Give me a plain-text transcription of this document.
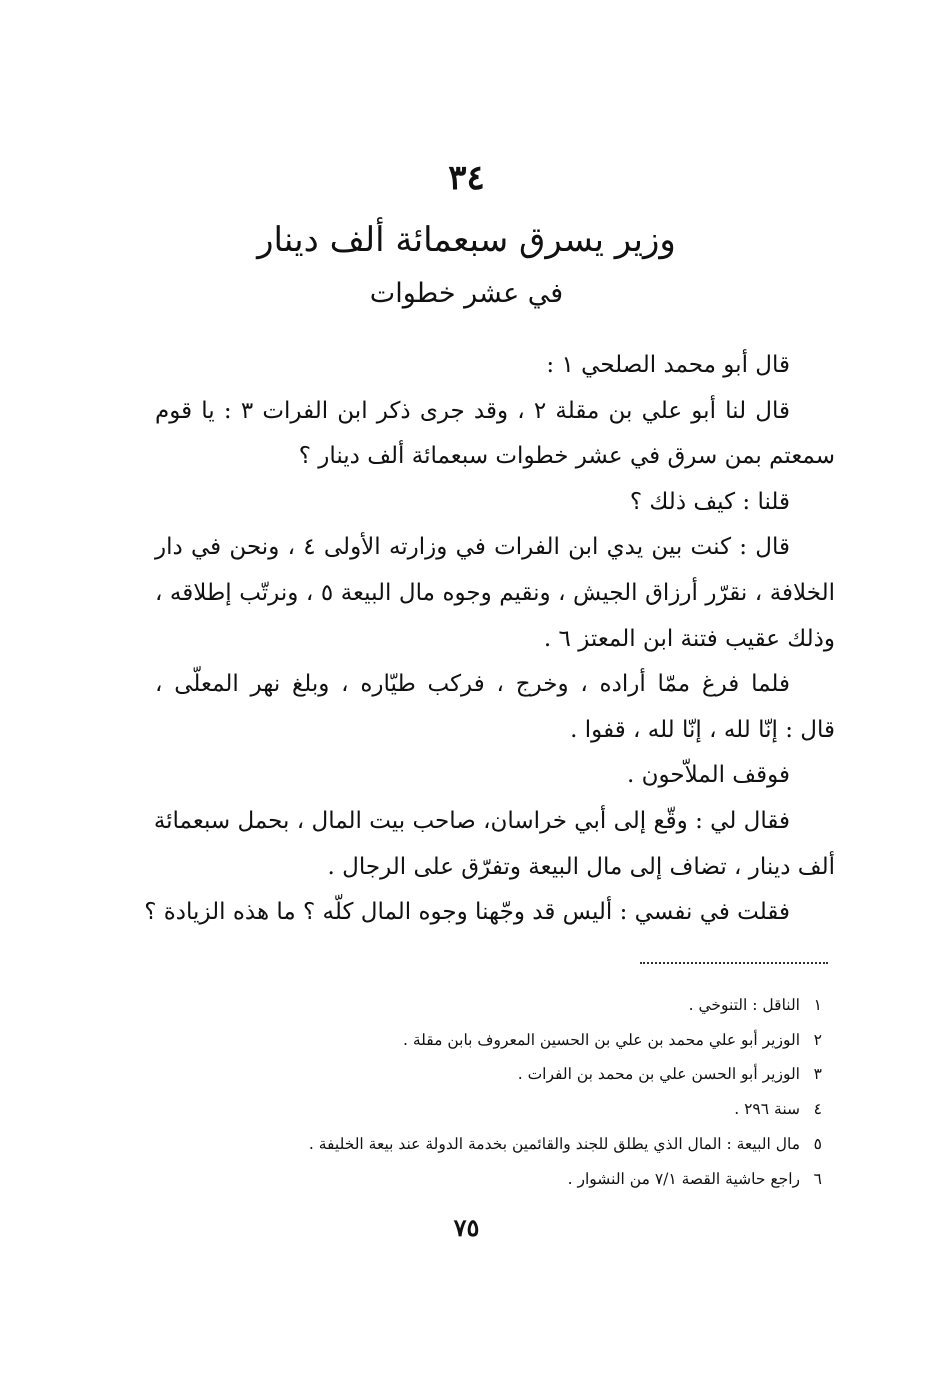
٣٤
وزير يسرق سبعمائة ألف دينار
في عشر خطوات
قال أبو محمد الصلحي ١ :
قال لنا أبو علي بن مقلة ٢ ، وقد جرى ذكر ابن الفرات ٣ : يا قوم
سمعتم بمن سرق في عشر خطوات سبعمائة ألف دينار ؟
قلنا : كيف ذلك ؟
قال : كنت بين يدي ابن الفرات في وزارته الأولى ٤ ، ونحن في دار
الخلافة ، نقرّر أرزاق الجيش ، ونقيم وجوه مال البيعة ٥ ، ونرتّب إطلاقه ،
وذلك عقيب فتنة ابن المعتز ٦ .
فلما فرغ ممّا أراده ، وخرج ، فركب طيّاره ، وبلغ نهر المعلّى ،
قال : إنّا لله ، إنّا لله ، قفوا .
فوقف الملاّحون .
فقال لي : وقّع إلى أبي خراسان، صاحب بيت المال ، بحمل سبعمائة
ألف دينار ، تضاف إلى مال البيعة وتفرّق على الرجال .
فقلت في نفسي : أليس قد وجّهنا وجوه المال كلّه ؟ ما هذه الزيادة ؟
١الناقل : التنوخي .
٢الوزير أبو علي محمد بن علي بن الحسين المعروف بابن مقلة .
٣الوزير أبو الحسن علي بن محمد بن الفرات .
٤سنة ٢٩٦ .
٥مال البيعة : المال الذي يطلق للجند والقائمين بخدمة الدولة عند بيعة الخليفة .
٦راجع حاشية القصة ٧/١ من النشوار .
٧٥
